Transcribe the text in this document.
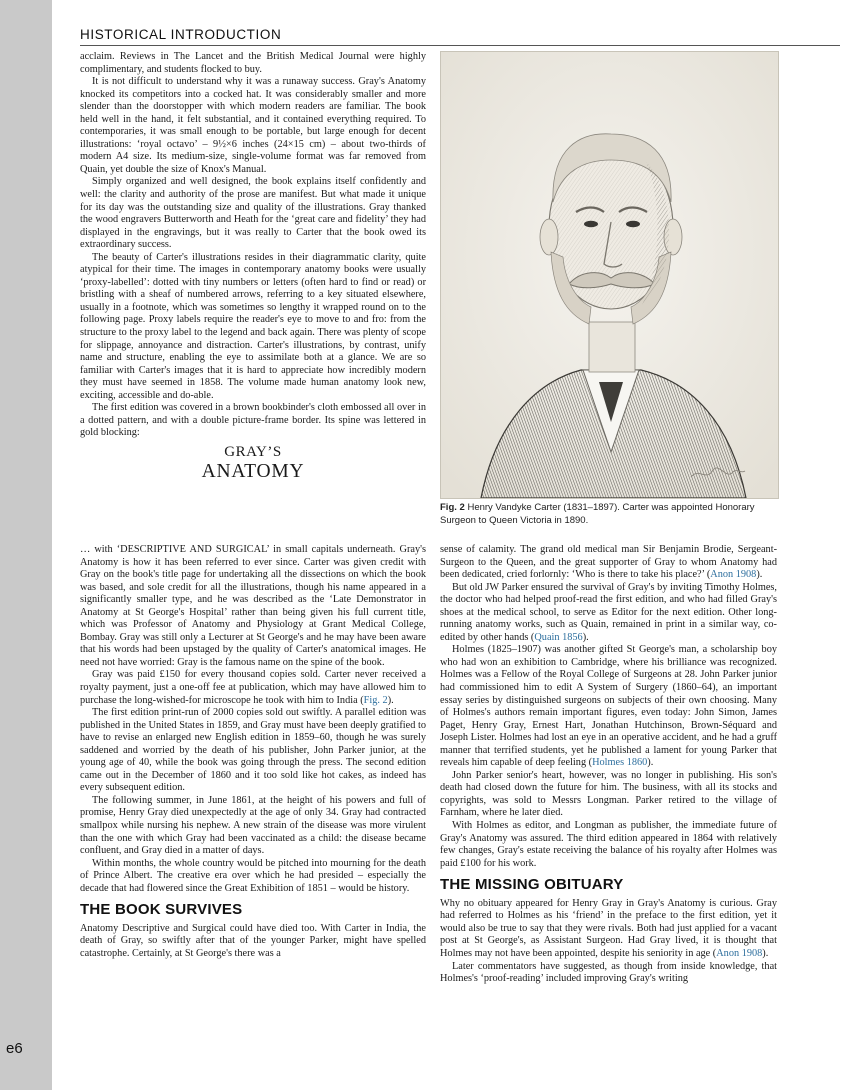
e6
HISTORICAL INTRODUCTION

acclaim. Reviews in The Lancet and the British Medical Journal were highly complimentary, and students flocked to buy.

It is not difficult to understand why it was a runaway success. Gray's Anatomy knocked its competitors into a cocked hat. It was considerably smaller and more slender than the doorstopper with which modern readers are familiar. The book held well in the hand, it felt substantial, and it contained everything required. To contemporaries, it was small enough to be portable, but large enough for decent illustrations: ‘royal octavo’ – 9½×6 inches (24×15 cm) – about two-thirds of modern A4 size. Its medium-size, single-volume format was far removed from Quain, yet double the size of Knox's Manual.

Simply organized and well designed, the book explains itself confidently and well: the clarity and authority of the prose are manifest. But what made it unique for its day was the outstanding size and quality of the illustrations. Gray thanked the wood engravers Butterworth and Heath for the ‘great care and fidelity’ they had displayed in the engravings, but it was really to Carter that the book owed its extraordinary success.

The beauty of Carter's illustrations resides in their diagrammatic clarity, quite atypical for their time. The images in contemporary anatomy books were usually ‘proxy-labelled’: dotted with tiny numbers or letters (often hard to find or read) or bristling with a sheaf of numbered arrows, referring to a key situated elsewhere, usually in a footnote, which was sometimes so lengthy it wrapped round on to the following page. Proxy labels require the reader's eye to move to and fro: from the structure to the proxy label to the legend and back again. There was plenty of scope for slippage, annoyance and distraction. Carter's illustrations, by contrast, unify name and structure, enabling the eye to assimilate both at a glance. We are so familiar with Carter's images that it is hard to appreciate how incredibly modern they must have seemed in 1858. The volume made human anatomy look new, exciting, accessible and do-able.

The first edition was covered in a brown bookbinder's cloth embossed all over in a dotted pattern, and with a double picture-frame border. Its spine was lettered in gold blocking:

GRAY’S
ANATOMY
Fig. 2 Henry Vandyke Carter (1831–1897). Carter was appointed Honorary Surgeon to Queen Victoria in 1890.

… with ‘DESCRIPTIVE AND SURGICAL’ in small capitals underneath. Gray's Anatomy is how it has been referred to ever since. Carter was given credit with Gray on the book's title page for undertaking all the dissections on which the book was based, and sole credit for all the illustrations, though his name appeared in a significantly smaller type, and he was described as the ‘Late Demonstrator in Anatomy at St George's Hospital’ rather than being given his full current title, which was Professor of Anatomy and Physiology at Grant Medical College, Bombay. Gray was still only a Lecturer at St George's and he may have been aware that his words had been upstaged by the quality of Carter's anatomical images. He need not have worried: Gray is the famous name on the spine of the book.

Gray was paid £150 for every thousand copies sold. Carter never received a royalty payment, just a one-off fee at publication, which may have allowed him to purchase the long-wished-for microscope he took with him to India (Fig. 2).

The first edition print-run of 2000 copies sold out swiftly. A parallel edition was published in the United States in 1859, and Gray must have been deeply gratified to have to revise an enlarged new English edition in 1859–60, though he was surely saddened and worried by the death of his publisher, John Parker junior, at the young age of 40, while the book was going through the press. The second edition came out in the December of 1860 and it too sold like hot cakes, as indeed has every subsequent edition.

The following summer, in June 1861, at the height of his powers and full of promise, Henry Gray died unexpectedly at the age of only 34. Gray had contracted smallpox while nursing his nephew. A new strain of the disease was more virulent than the one with which Gray had been vaccinated as a child: the disease became confluent, and Gray died in a matter of days.

Within months, the whole country would be pitched into mourning for the death of Prince Albert. The creative era over which he had presided – especially the decade that had flowered since the Great Exhibition of 1851 – would be history.

THE BOOK SURVIVES

Anatomy Descriptive and Surgical could have died too. With Carter in India, the death of Gray, so swiftly after that of the younger Parker, might have spelled catastrophe. Certainly, at St George's there was a

sense of calamity. The grand old medical man Sir Benjamin Brodie, Sergeant-Surgeon to the Queen, and the great supporter of Gray to whom Anatomy had been dedicated, cried forlornly: ‘Who is there to take his place?’ (Anon 1908).

But old JW Parker ensured the survival of Gray's by inviting Timothy Holmes, the doctor who had helped proof-read the first edition, and who had filled Gray's shoes at the medical school, to serve as Editor for the next edition. Other long-running anatomy works, such as Quain, remained in print in a similar way, co-edited by other hands (Quain 1856).

Holmes (1825–1907) was another gifted St George's man, a scholarship boy who had won an exhibition to Cambridge, where his brilliance was recognized. Holmes was a Fellow of the Royal College of Surgeons at 28. John Parker junior had commissioned him to edit A System of Surgery (1860–64), an important essay series by distinguished surgeons on subjects of their own choosing. Many of Holmes's authors remain important figures, even today: John Simon, James Paget, Henry Gray, Ernest Hart, Jonathan Hutchinson, Brown-Séquard and Joseph Lister. Holmes had lost an eye in an operative accident, and he had a gruff manner that terrified students, yet he published a lament for young Parker that reveals him capable of deep feeling (Holmes 1860).

John Parker senior's heart, however, was no longer in publishing. His son's death had closed down the future for him. The business, with all its stocks and copyrights, was sold to Messrs Longman. Parker retired to the village of Farnham, where he later died.

With Holmes as editor, and Longman as publisher, the immediate future of Gray's Anatomy was assured. The third edition appeared in 1864 with relatively few changes, Gray's estate receiving the balance of his royalty after Holmes was paid £100 for his work.

THE MISSING OBITUARY

Why no obituary appeared for Henry Gray in Gray's Anatomy is curious. Gray had referred to Holmes as his ‘friend’ in the preface to the first edition, yet it would also be true to say that they were rivals. Both had just applied for a vacant post at St George's, as Assistant Surgeon. Had Gray lived, it is thought that Holmes may not have been appointed, despite his seniority in age (Anon 1908).

Later commentators have suggested, as though from inside knowledge, that Holmes's ‘proof-reading’ included improving Gray's writing
